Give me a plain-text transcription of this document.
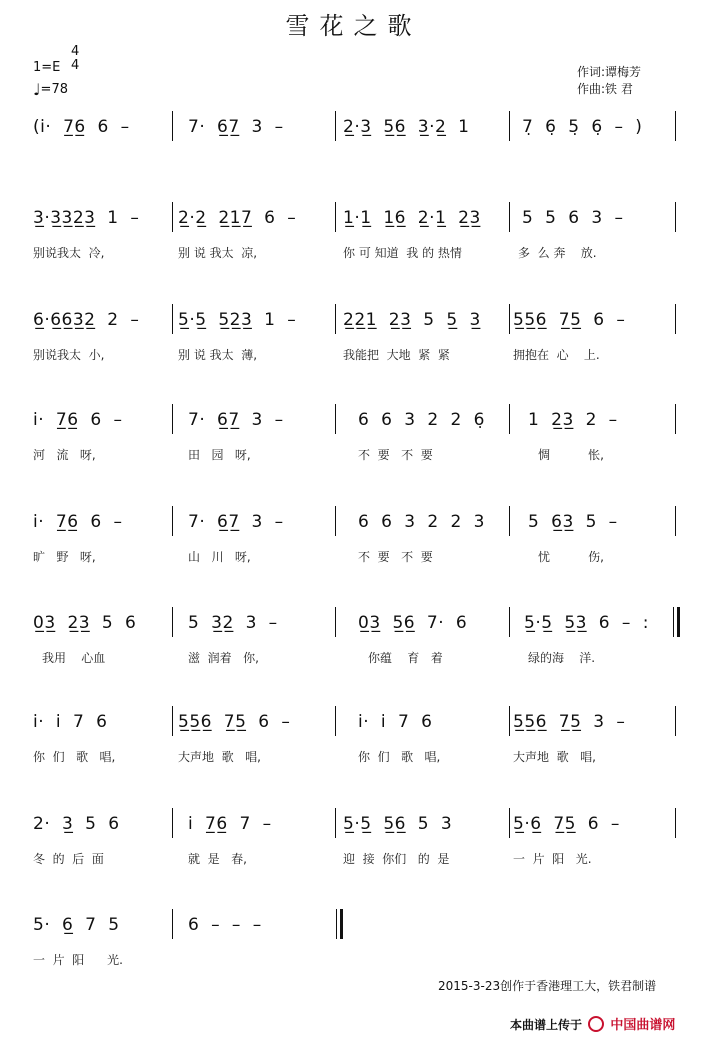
雪花之歌
1=E
4
4
♩=78
作词:谭梅芳
作曲:铁 君
(i̇·  7̲6̲  6  –	7·  6̲7̲  3  –	2̲·3̲  5̲6̲  3̲·2̲  1	7̣  6̣  5̣  6̣  –  )
3̲·3̲3̲2̲3̲  1  –
别说我太  冷,
2̲·2̲  2̲1̲7̲  6  –
别 说 我太  凉,
1̲·1̲  1̲6̲  2̲·1̲  2̲3̲
你 可 知道  我 的 热情
5  5  6  3  –
多  么 奔    放.
6̲·6̲6̲3̲2̲  2  –
别说我太  小,
5̲·5̲  5̲2̲3̲  1  –
别 说 我太  薄,
2̲2̲1̲  2̲3̲  5  5̲  3̲
我能把  大地  紧  紧
5̲5̲6̲  7̲5̲  6  –
拥抱在  心    上.
i̇·  7̲6̲  6  –
河   流   呀,
7·  6̲7̲  3  –
田   园   呀,
6  6  3  2  2  6̣
不  要   不  要
1  2̲3̲  2  –
惆          怅,
i̇·  7̲6̲  6  –
旷   野   呀,
7·  6̲7̲  3  –
山   川   呀,
6  6  3  2  2  3
不  要   不  要
5  6̲3̲  5  –
忧          伤,
0̲3̲  2̲3̲  5  6
我用    心血
5  3̲2̲  3  –
滋  润着   你,
0̲3̲  5̲6̲  7·  6
你蕴    育   着
5̲·5̲  5̲3̲  6  –  :
绿的海    洋.
i̇·  i̇  7  6
你  们   歌   唱,
5̲5̲6̲  7̲5̲  6  –
大声地  歌   唱,
i̇·  i̇  7  6
你  们   歌   唱,
5̲5̲6̲  7̲5̲  3  –
大声地  歌   唱,
2·  3̲  5  6
冬  的  后  面
i̇  7̲6̲  7  –
就  是   春,
5̲·5̲  5̲6̲  5  3
迎  接  你们   的  是
5̲·6̲  7̲5̲  6  –
一  片  阳   光.
5·  6̲  7  5
一  片  阳      光.
6  –  –  –
2015-3-23创作于香港理工大，铁君制谱
本曲谱上传于 中国曲谱网
